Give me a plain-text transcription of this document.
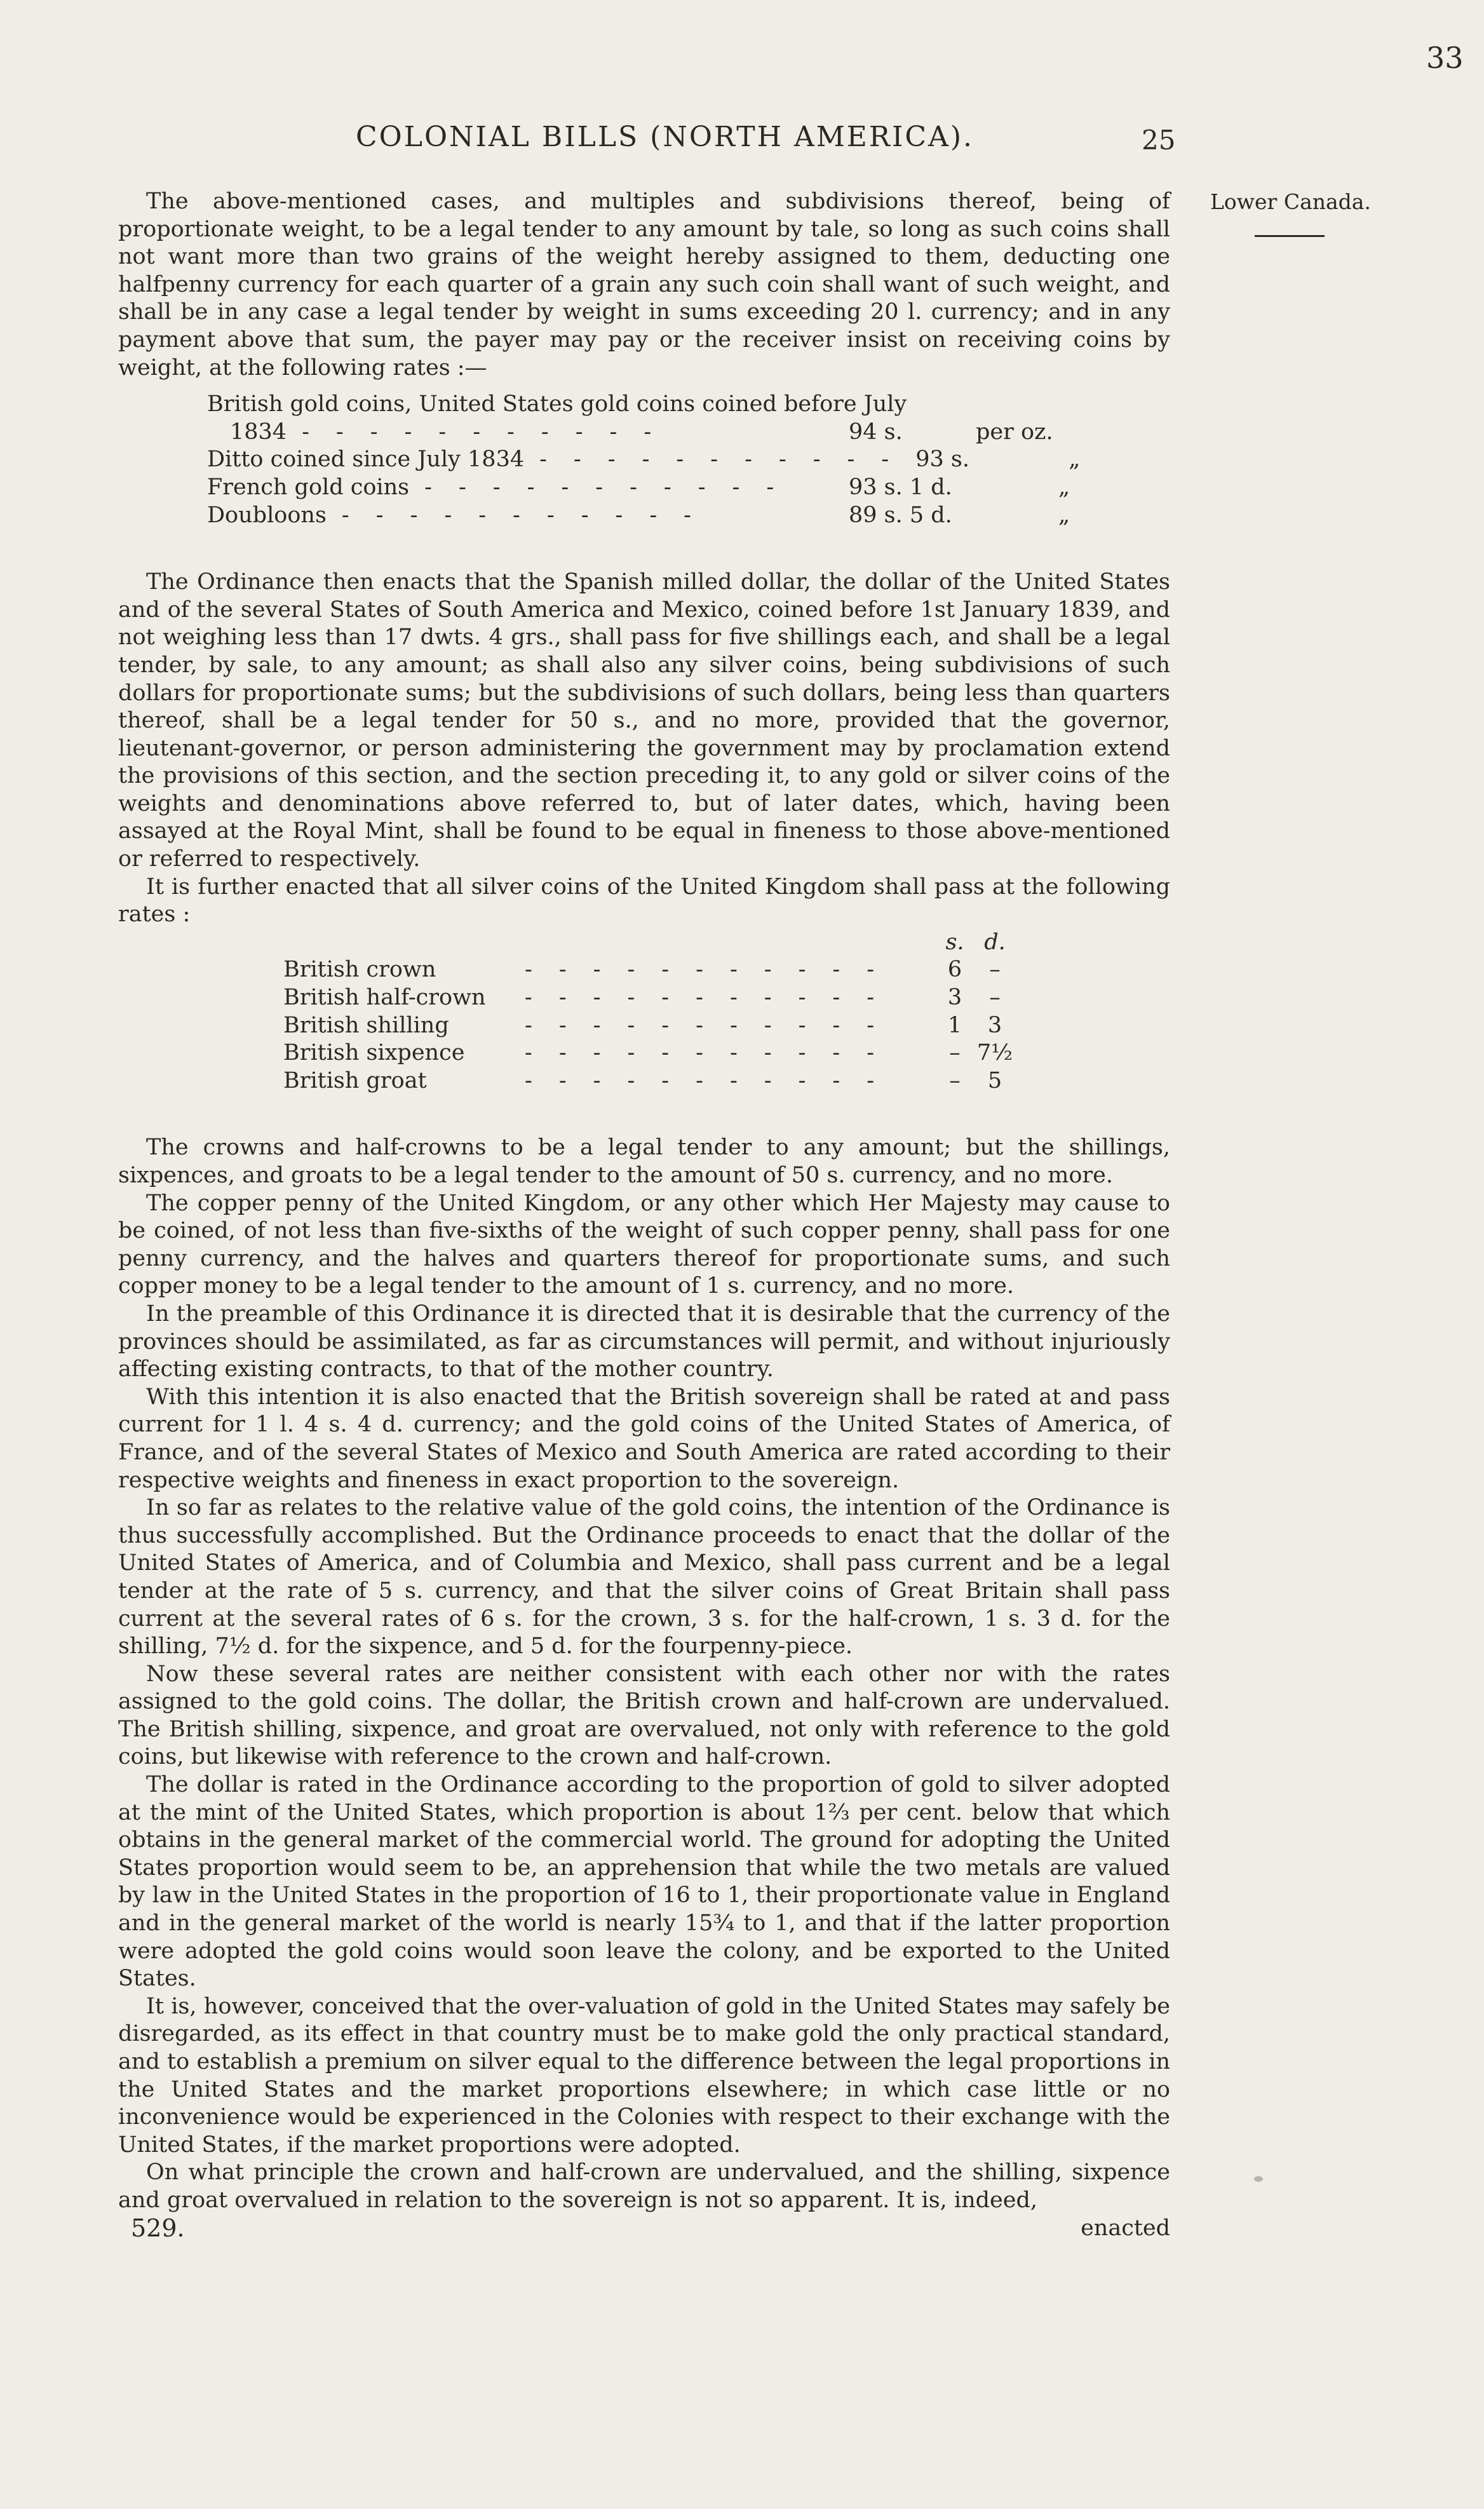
33
COLONIAL BILLS (NORTH AMERICA).	25
Lower Canada.

The above-mentioned cases, and multiples and subdivisions thereof, being of proportionate weight, to be a legal tender to any amount by tale, so long as such coins shall not want more than two grains of the weight hereby assigned to them, deducting one halfpenny currency for each quarter of a grain any such coin shall want of such weight, and shall be in any case a legal tender by weight in sums exceeding 20 l. currency; and in any payment above that sum, the payer may pay or the receiver insist on receiving coins by weight, at the following rates :—

British gold coins, United States gold coins coined before July
1834 -----------	94 s.	per oz.
Ditto coined since July 1834 ----------- 93 s.	„
French gold coins -----------	93 s. 1 d.	„
Doubloons -----------	89 s. 5 d.	„

The Ordinance then enacts that the Spanish milled dollar, the dollar of the United States and of the several States of South America and Mexico, coined before 1st January 1839, and not weighing less than 17 dwts. 4 grs., shall pass for five shillings each, and shall be a legal tender, by sale, to any amount; as shall also any silver coins, being subdivisions of such dollars for proportionate sums; but the subdivisions of such dollars, being less than quarters thereof, shall be a legal tender for 50 s., and no more, provided that the governor, lieutenant-governor, or person administering the government may by proclamation extend the provisions of this section, and the section preceding it, to any gold or silver coins of the weights and denominations above referred to, but of later dates, which, having been assayed at the Royal Mint, shall be found to be equal in fineness to those above-mentioned or referred to respectively.

It is further enacted that all silver coins of the United Kingdom shall pass at the following rates :

s. d.
British crown	-----------	6	–
British half-crown	-----------	3	–
British shilling	-----------	1	3
British sixpence	-----------	– 7½
British groat	-----------	–	5

The crowns and half-crowns to be a legal tender to any amount; but the shillings, sixpences, and groats to be a legal tender to the amount of 50 s. currency, and no more.

The copper penny of the United Kingdom, or any other which Her Majesty may cause to be coined, of not less than five-sixths of the weight of such copper penny, shall pass for one penny currency, and the halves and quarters thereof for proportionate sums, and such copper money to be a legal tender to the amount of 1 s. currency, and no more.

In the preamble of this Ordinance it is directed that it is desirable that the currency of the provinces should be assimilated, as far as circumstances will permit, and without injuriously affecting existing contracts, to that of the mother country.

With this intention it is also enacted that the British sovereign shall be rated at and pass current for 1 l. 4 s. 4 d. currency; and the gold coins of the United States of America, of France, and of the several States of Mexico and South America are rated according to their respective weights and fineness in exact proportion to the sovereign.

In so far as relates to the relative value of the gold coins, the intention of the Ordinance is thus successfully accomplished. But the Ordinance proceeds to enact that the dollar of the United States of America, and of Columbia and Mexico, shall pass current and be a legal tender at the rate of 5 s. currency, and that the silver coins of Great Britain shall pass current at the several rates of 6 s. for the crown, 3 s. for the half-crown, 1 s. 3 d. for the shilling, 7½ d. for the sixpence, and 5 d. for the fourpenny-piece.

Now these several rates are neither consistent with each other nor with the rates assigned to the gold coins. The dollar, the British crown and half-crown are undervalued. The British shilling, sixpence, and groat are overvalued, not only with reference to the gold coins, but likewise with reference to the crown and half-crown.

The dollar is rated in the Ordinance according to the proportion of gold to silver adopted at the mint of the United States, which proportion is about 1⅔ per cent. below that which obtains in the general market of the commercial world. The ground for adopting the United States proportion would seem to be, an apprehension that while the two metals are valued by law in the United States in the proportion of 16 to 1, their proportionate value in England and in the general market of the world is nearly 15¾ to 1, and that if the latter proportion were adopted the gold coins would soon leave the colony, and be exported to the United States.

It is, however, conceived that the over-valuation of gold in the United States may safely be disregarded, as its effect in that country must be to make gold the only practical standard, and to establish a premium on silver equal to the difference between the legal proportions in the United States and the market proportions elsewhere; in which case little or no inconvenience would be experienced in the Colonies with respect to their exchange with the United States, if the market proportions were adopted.

On what principle the crown and half-crown are undervalued, and the shilling, sixpence and groat overvalued in relation to the sovereign is not so apparent. It is, indeed,

529.	enacted
